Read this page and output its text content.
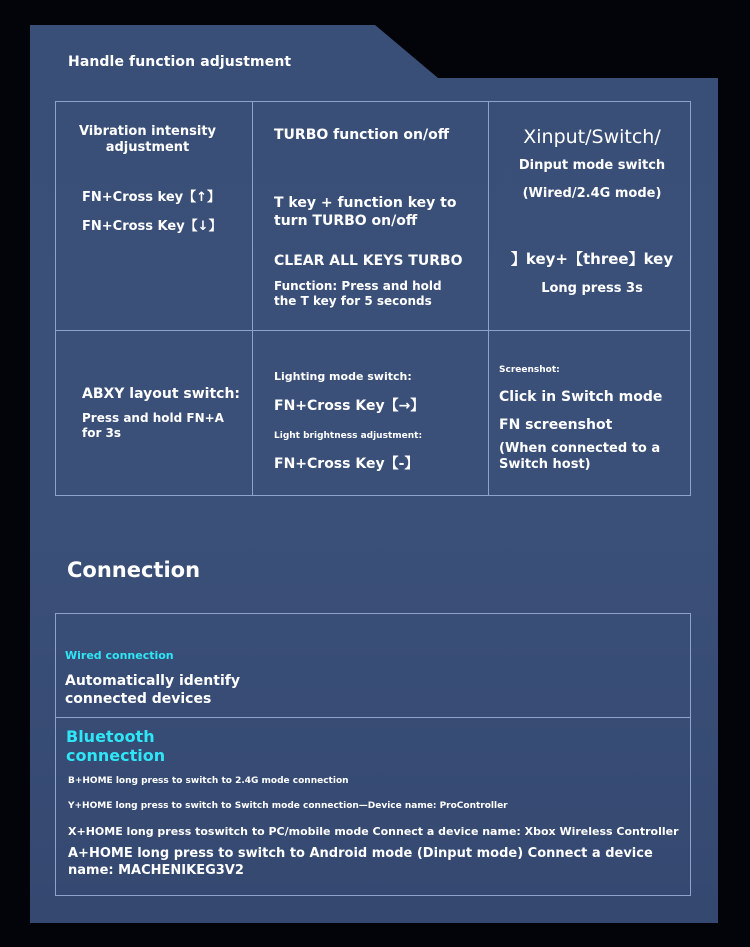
Handle function adjustment
Vibration intensity adjustment
FN+Cross key【↑】
FN+Cross Key【↓】
TURBO function on/off
T key + function key to turn TURBO on/off
CLEAR ALL KEYS TURBO
Function: Press and hold the T key for 5 seconds
Xinput/Switch/
Dinput mode switch
(Wired/2.4G mode)
】key+【three】key
Long press 3s
ABXY layout switch:
Press and hold FN+A for 3s
Lighting mode switch:
FN+Cross Key【→】
Light brightness adjustment:
FN+Cross Key【-】
Screenshot:
Click in Switch mode
FN screenshot
(When connected to a Switch host)
Connection
Wired connection
Automatically identify connected devices
Bluetooth connection
B+HOME long press to switch to 2.4G mode connection
Y+HOME long press to switch to Switch mode connection—Device name: ProController
X+HOME long press toswitch to PC/mobile mode Connect a device name: Xbox Wireless Controller
A+HOME long press to switch to Android mode (Dinput mode) Connect a device name: MACHENIKEG3V2
